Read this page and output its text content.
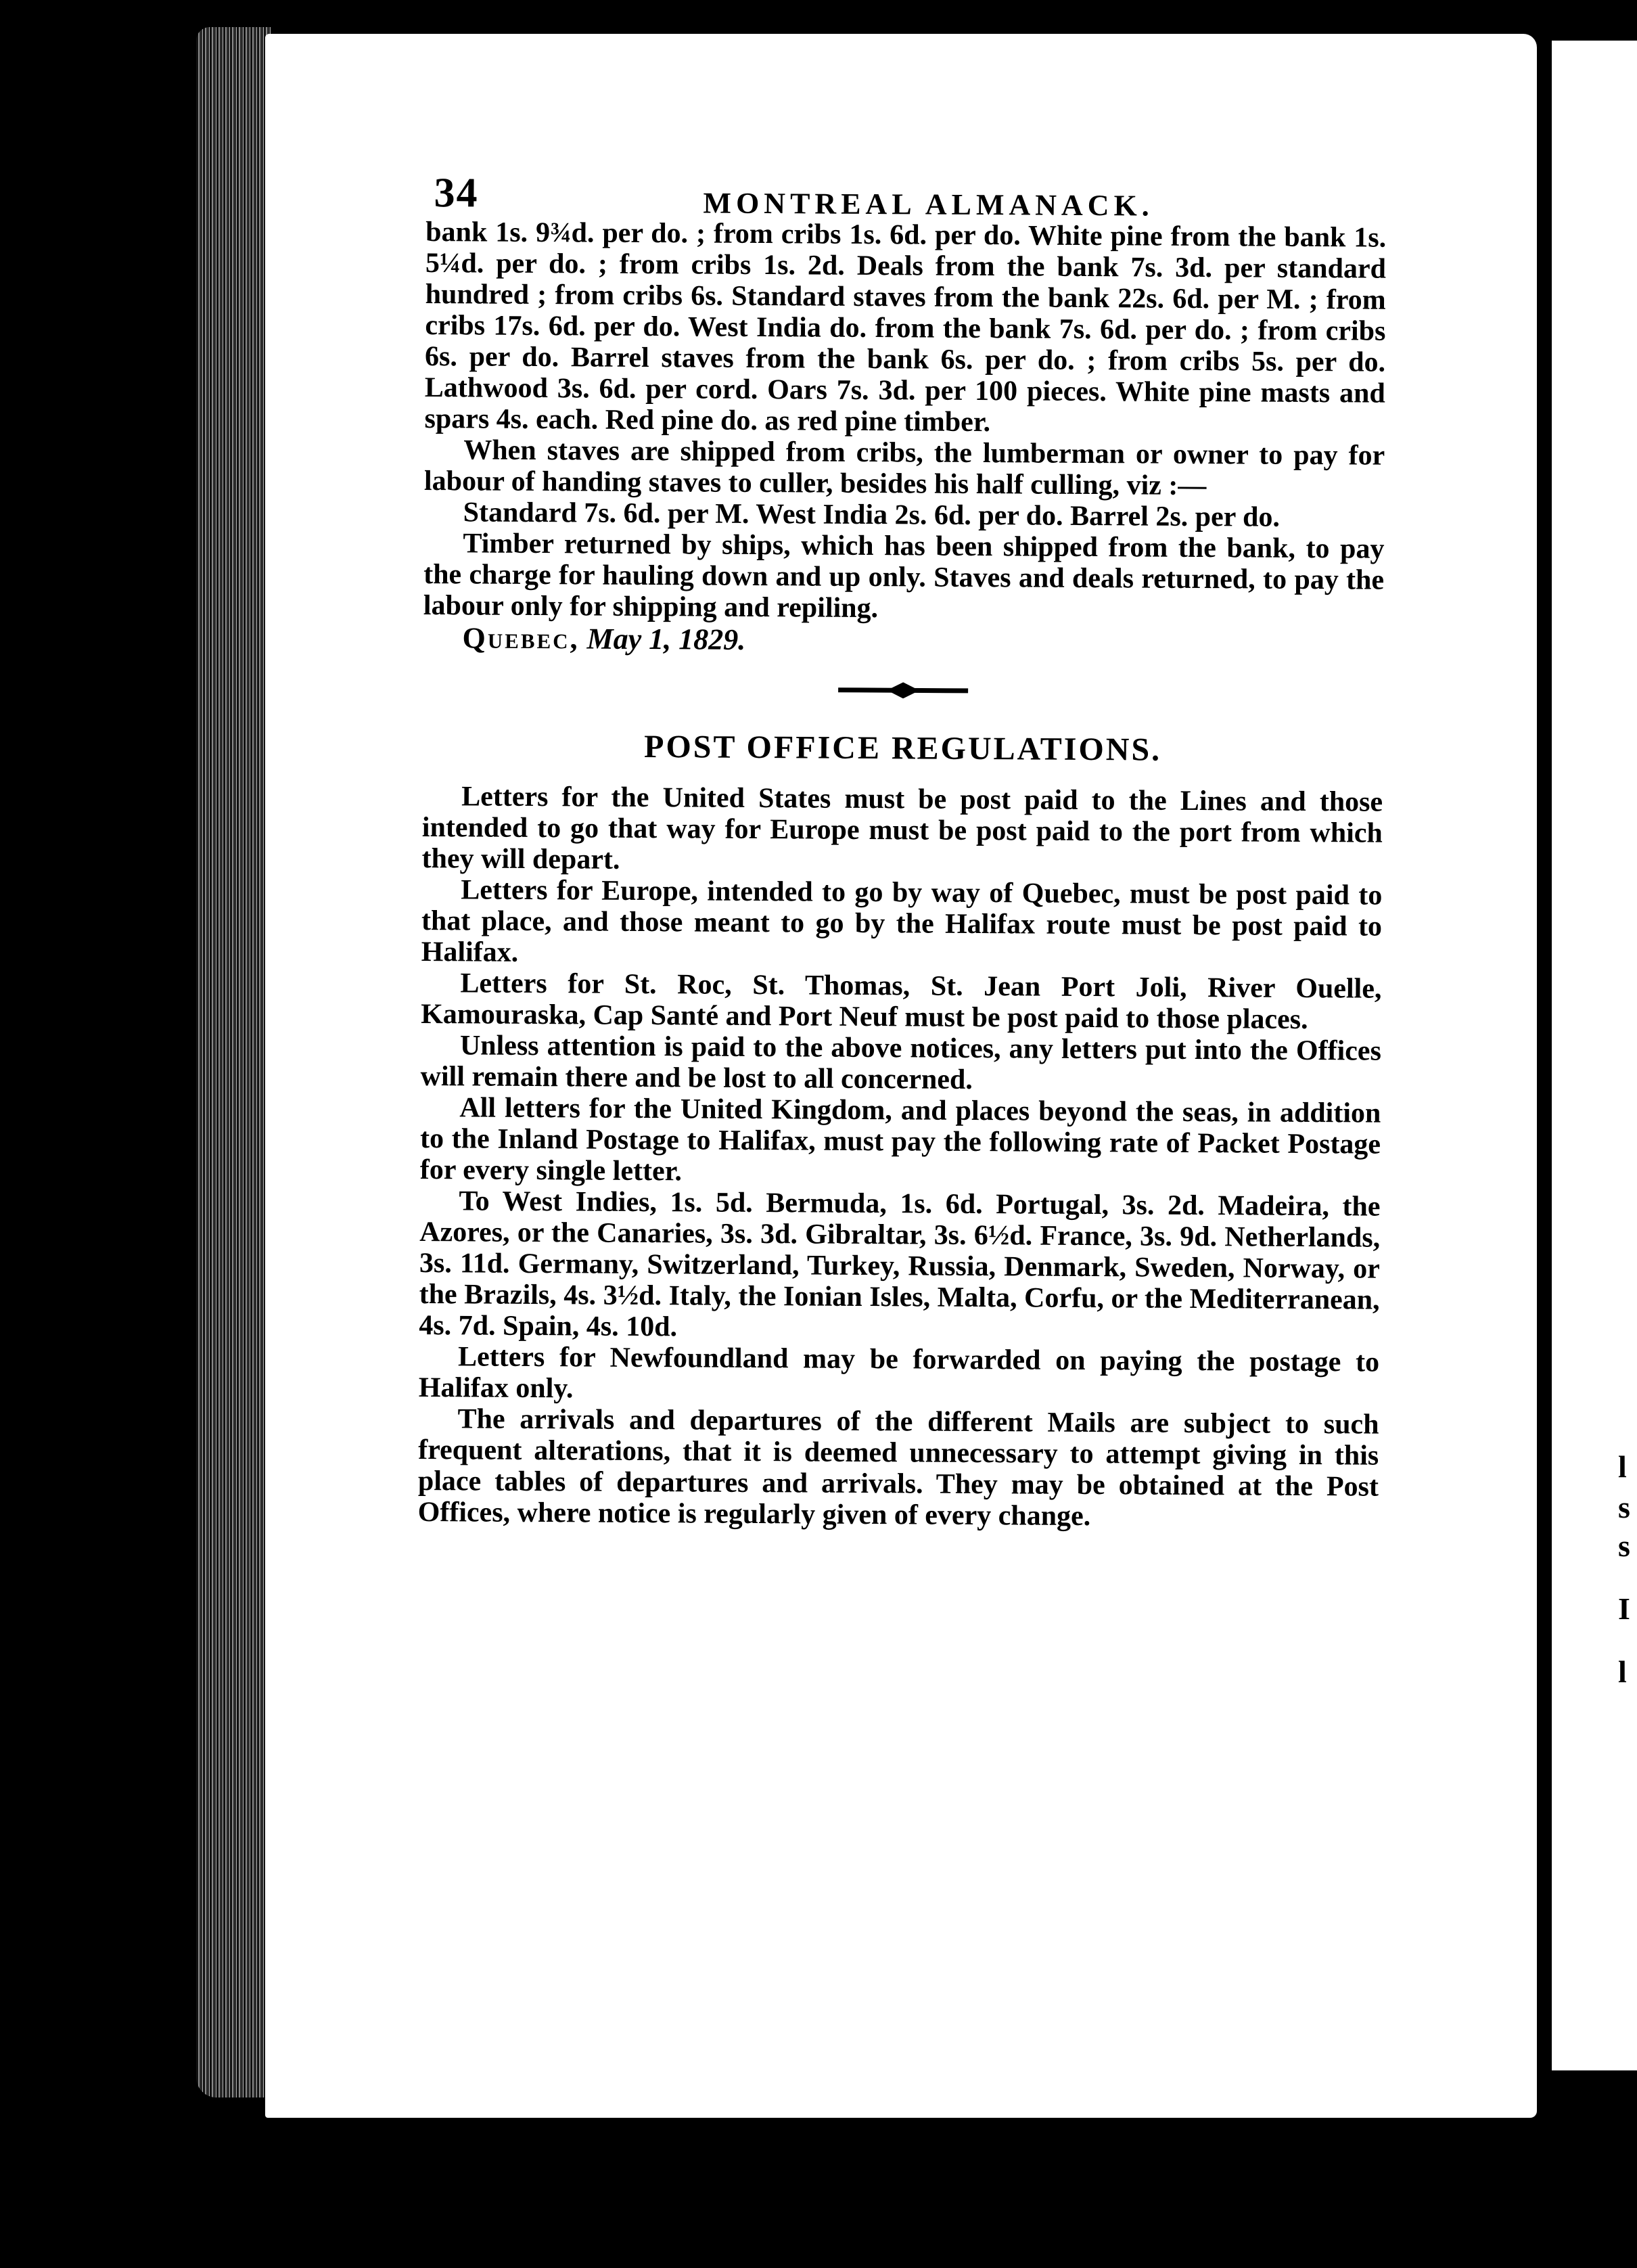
l
s
s
I
l
34	MONTREAL ALMANACK.

bank 1s. 9¾d. per do. ; from cribs 1s. 6d. per do. White pine from the bank 1s. 5¼d. per do. ; from cribs 1s. 2d. Deals from the bank 7s. 3d. per standard hundred ; from cribs 6s. Standard staves from the bank 22s. 6d. per M. ; from cribs 17s. 6d. per do. West India do. from the bank 7s. 6d. per do. ; from cribs 6s. per do. Barrel staves from the bank 6s. per do. ; from cribs 5s. per do. Lathwood 3s. 6d. per cord. Oars 7s. 3d. per 100 pieces. White pine masts and spars 4s. each. Red pine do. as red pine timber.

When staves are shipped from cribs, the lumberman or owner to pay for labour of handing staves to culler, besides his half culling, viz :—

Standard 7s. 6d. per M. West India 2s. 6d. per do. Barrel 2s. per do.

Timber returned by ships, which has been shipped from the bank, to pay the charge for hauling down and up only. Staves and deals returned, to pay the labour only for shipping and repiling.

Quebec, May 1, 1829.
POST OFFICE REGULATIONS.

Letters for the United States must be post paid to the Lines and those intended to go that way for Europe must be post paid to the port from which they will depart.

Letters for Europe, intended to go by way of Quebec, must be post paid to that place, and those meant to go by the Halifax route must be post paid to Halifax.

Letters for St. Roc, St. Thomas, St. Jean Port Joli, River Ouelle, Kamouraska, Cap Santé and Port Neuf must be post paid to those places.

Unless attention is paid to the above notices, any letters put into the Offices will remain there and be lost to all concerned.

All letters for the United Kingdom, and places beyond the seas, in addition to the Inland Postage to Halifax, must pay the following rate of Packet Postage for every single letter.

To West Indies, 1s. 5d. Bermuda, 1s. 6d. Portugal, 3s. 2d. Madeira, the Azores, or the Canaries, 3s. 3d. Gibraltar, 3s. 6½d. France, 3s. 9d. Netherlands, 3s. 11d. Germany, Switzerland, Turkey, Russia, Denmark, Sweden, Norway, or the Brazils, 4s. 3½d. Italy, the Ionian Isles, Malta, Corfu, or the Mediterranean, 4s. 7d. Spain, 4s. 10d.

Letters for Newfoundland may be forwarded on paying the postage to Halifax only.

The arrivals and departures of the different Mails are subject to such frequent alterations, that it is deemed unnecessary to attempt giving in this place tables of departures and arrivals. They may be obtained at the Post Offices, where notice is regularly given of every change.
